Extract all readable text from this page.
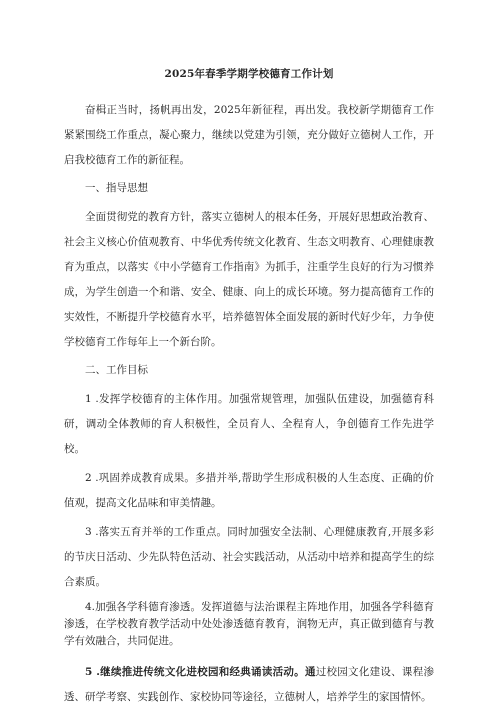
2025年春季学期学校德育工作计划

奋楫正当时，扬帆再出发，2025年新征程，再出发。我校新学期德育工作紧紧围绕工作重点，凝心聚力，继续以党建为引领，充分做好立德树人工作，开启我校德育工作的新征程。

一、指导思想

全面贯彻党的教育方针，落实立德树人的根本任务，开展好思想政治教育、社会主义核心价值观教育、中华优秀传统文化教育、生态文明教育、心理健康教育为重点，以落实《中小学德育工作指南》为抓手，注重学生良好的行为习惯养成，为学生创造一个和谐、安全、健康、向上的成长环境。努力提高德育工作的实效性，不断提升学校德育水平，培养德智体全面发展的新时代好少年，力争使学校德育工作每年上一个新台阶。

二、工作目标

1 .发挥学校德育的主体作用。加强常规管理，加强队伍建设，加强德育科研，调动全体教师的育人积极性，全员育人、全程育人，争创德育工作先进学校。

2 .巩固养成教育成果。多措并举,帮助学生形成积极的人生态度、正确的价值观，提高文化品味和审美情趣。

3 .落实五育并举的工作重点。同时加强安全法制、心理健康教育,开展多彩的节庆日活动、少先队特色活动、社会实践活动，从活动中培养和提高学生的综合素质。

4.加强各学科德育渗透。发挥道德与法治课程主阵地作用，加强各学科德育渗透，在学校教育教学活动中处处渗透德育教育，润物无声，真正做到德育与教学有效融合，共同促进。

5 .继续推进传统文化进校园和经典诵读活动。通过校园文化建设、课程渗透、研学考察、实践创作、家校协同等途径，立德树人，培养学生的家国情怀。
